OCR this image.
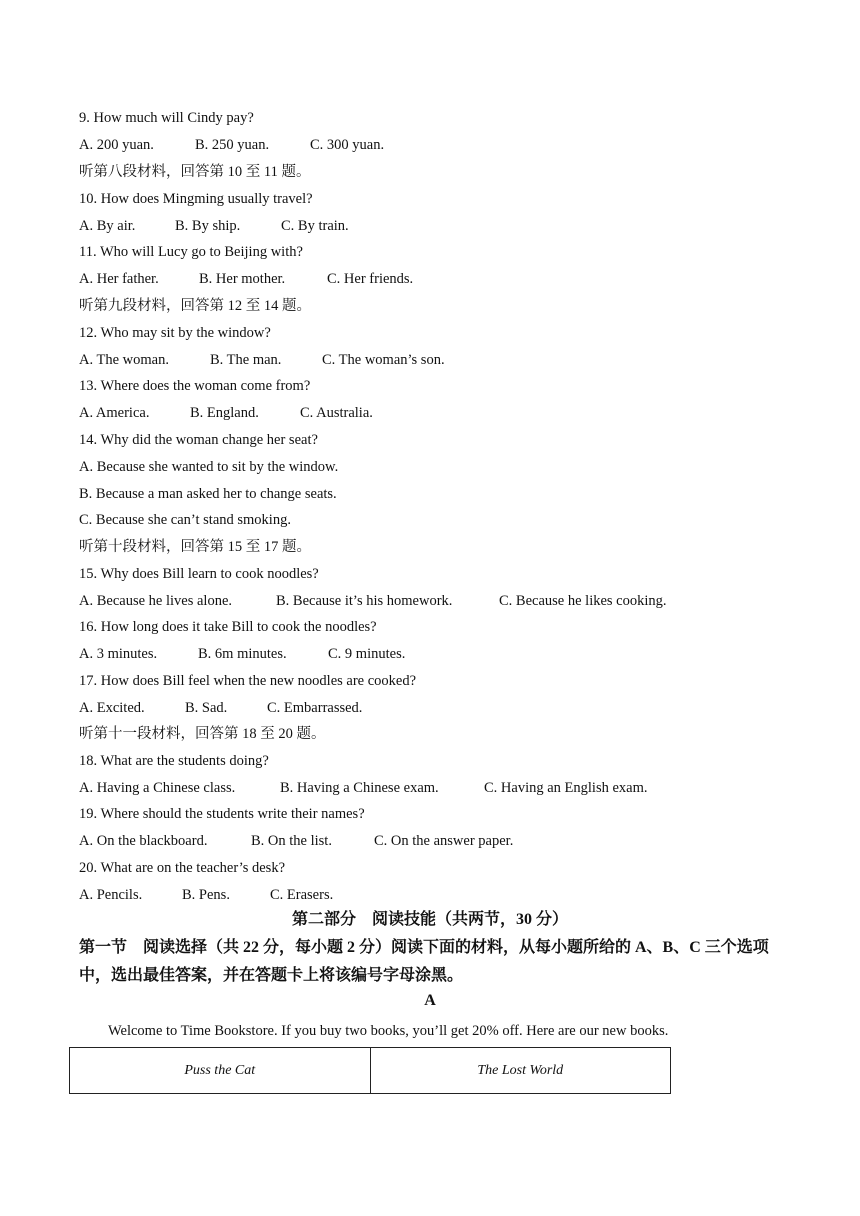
9. How much will Cindy pay?
A. 200 yuan.	B. 250 yuan.	C. 300 yuan.
听第八段材料，回答第 10 至 11 题。
10. How does Mingming usually travel?
A. By air.	B. By ship.	C. By train.
11. Who will Lucy go to Beijing with?
A. Her father.	B. Her mother.	C. Her friends.
听第九段材料，回答第 12 至 14 题。
12. Who may sit by the window?
A. The woman.	B. The man.	C. The woman’s son.
13. Where does the woman come from?
A. America.	B. England.	C. Australia.
14. Why did the woman change her seat?
A. Because she wanted to sit by the window.
B. Because a man asked her to change seats.
C. Because she can’t stand smoking.
听第十段材料，回答第 15 至 17 题。
15. Why does Bill learn to cook noodles?
A. Because he lives alone.	B. Because it’s his homework.	C. Because he likes cooking.
16. How long does it take Bill to cook the noodles?
A. 3 minutes.	B. 6m minutes.	C. 9 minutes.
17. How does Bill feel when the new noodles are cooked?
A. Excited.	B. Sad.	C. Embarrassed.
听第十一段材料，回答第 18 至 20 题。
18. What are the students doing?
A. Having a Chinese class.	B. Having a Chinese exam.	C. Having an English exam.
19. Where should the students write their names?
A. On the blackboard.	B. On the list.	C. On the answer paper.
20. What are on the teacher’s desk?
A. Pencils.	B. Pens.	C. Erasers.
第二部分　阅读技能（共两节，30 分）
第一节　阅读选择（共 22 分，每小题 2 分）阅读下面的材料，从每小题所给的 A、B、C 三个选项中，选出最佳答案，并在答题卡上将该编号字母涂黑。
A
Welcome to Time Bookstore. If you buy two books, you’ll get 20% off. Here are our new books.
Puss the Cat	The Lost World
